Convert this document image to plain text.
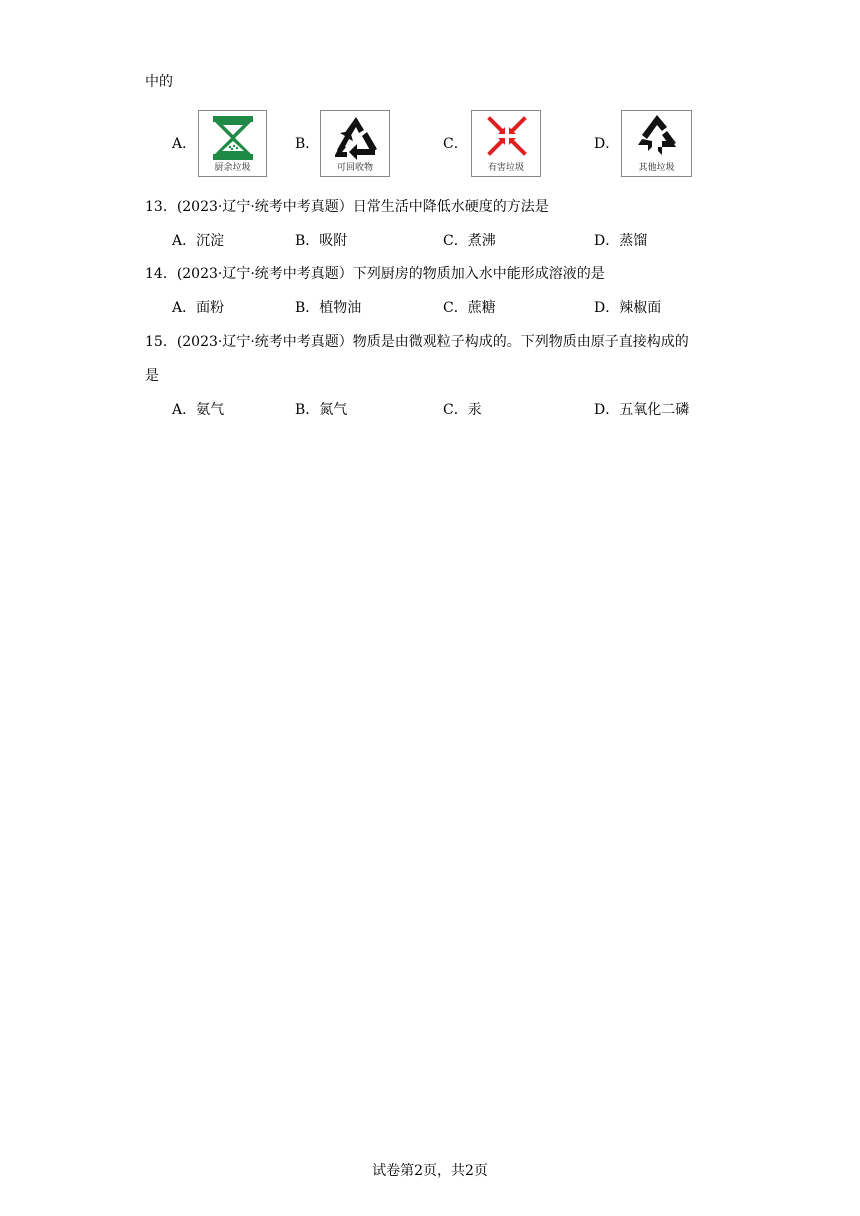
中的
A．
厨余垃圾
B．
可回收物
C．
有害垃圾
D．
其他垃圾
13．(2023·辽宁·统考中考真题）日常生活中降低水硬度的方法是
A．沉淀	B．吸附	C．煮沸	D．蒸馏
14．(2023·辽宁·统考中考真题）下列厨房的物质加入水中能形成溶液的是
A．面粉	B．植物油	C．蔗糖	D．辣椒面
15．(2023·辽宁·统考中考真题）物质是由微观粒子构成的。下列物质由原子直接构成的
是
A．氨气	B．氮气	C．汞	D．五氧化二磷
试卷第2页，共2页
